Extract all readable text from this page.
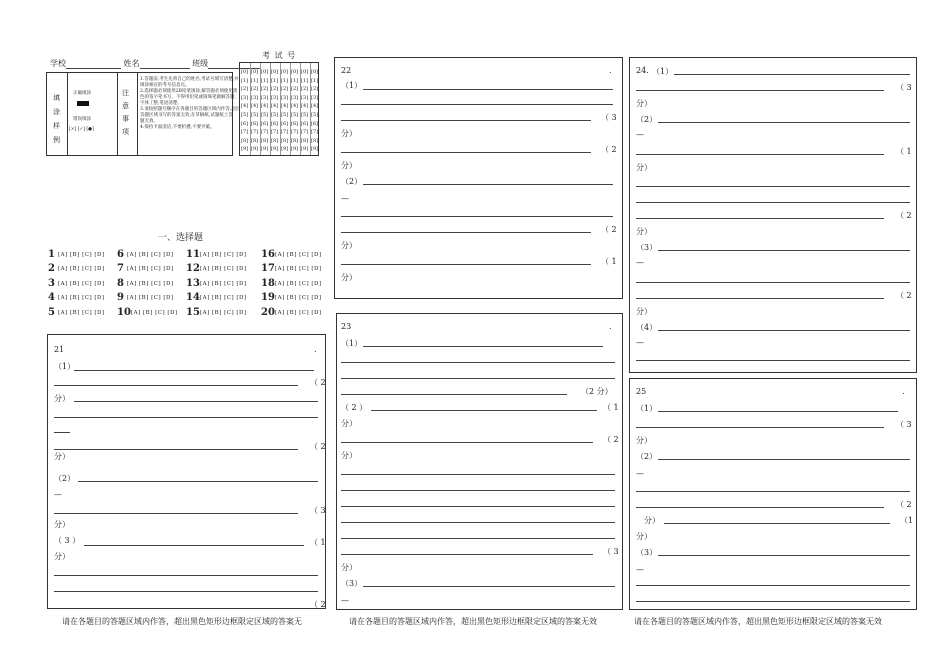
学校	姓名	班级
考 试 号
[0] [0] [0] [0] [0] [0] [0] [0]
[1] [1] [1] [1] [1] [1] [1] [1]
[2] [2] [2] [2] [2] [2] [2] [2]
[3] [3] [3] [3] [3] [3] [3] [3]
[4] [4] [4] [4] [4] [4] [4] [4]
[5] [5] [5] [5] [5] [5] [5] [5]
[6] [6] [6] [6] [6] [6] [6] [6]
[7] [7] [7] [7] [7] [7] [7] [7]
[8] [8] [8] [8] [8] [8] [8] [8]
[9] [9] [9] [9] [9] [9] [9] [9]
填
涂
样
例
正确填涂
错误填涂
[×] [✓] [●]
注
意
事
项
1.答题前,考生先将自己的姓名,考试号填写清楚,并
填涂相应的考号信息点。
2.选择题必须使用2B铅笔填涂,解答题必须使用黑
色的签字笔书写，不得用铅笔或圆珠笔做解答题,
字体工整,笔迹清楚。
3.请按照题号顺序在各题目的答题区域内作答,超出
答题区域书写的答案无效,在草稿纸,试题纸上答
题无效。
4.保持卡面清洁,不要折叠,不要弄破。
一、选择题
1 [A] [B] [C] [D]
2 [A] [B] [C] [D]
3 [A] [B] [C] [D]
4 [A] [B] [C] [D]
5 [A] [B] [C] [D]
6 [A] [B] [C] [D]
7 [A] [B] [C] [D]
8 [A] [B] [C] [D]
9 [A] [B] [C] [D]
10 [A] [B] [C] [D]
11 [A] [B] [C] [D]
12 [A] [B] [C] [D]
13 [A] [B] [C] [D]
14 [A] [B] [C] [D]
15 [A] [B] [C] [D]
16 [A] [B] [C] [D]
17 [A] [B] [C] [D]
18 [A] [B] [C] [D]
19 [A] [B] [C] [D]
20 [A] [B] [C] [D]
21	.
（1）
（ 2
分）
（ 2
分）
（2）
—
（ 3
分）
（ 3 ）	（ 1
分）
（ 2
22	.
（1）
（ 3
分）
（ 2
分）
（2）
—
（ 2
分）
（ 1
分）
23	.
（1）
（2 分）
（ 2 ）	（ 1
分）
（ 2
分）
（ 3
分）
（3）
—
24. （1）
（ 3
分）
（2）
—
（ 1
分）
（ 2
分）
（3）
—
（ 2
分）
（4）
—
25	.
（1）
（ 3
分）
（2）
—
（ 2
分）	（1
分）
（3）
—
请在各题目的答题区域内作答，超出黑色矩形边框限定区域的答案无	请在各题目的答题区域内作答，超出黑色矩形边框限定区域的答案无效	请在各题目的答题区域内作答，超出黑色矩形边框限定区域的答案无效
